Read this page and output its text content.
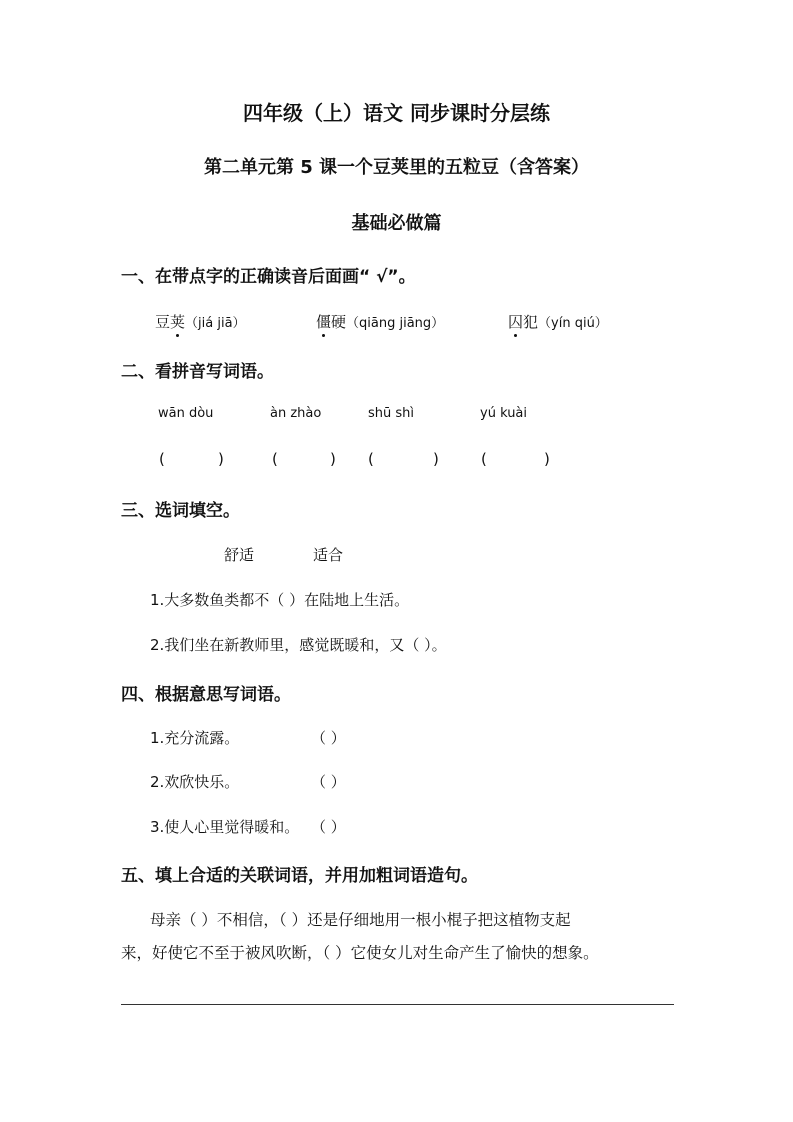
四年级（上）语文 同步课时分层练
第二单元第 5 课一个豆荚里的五粒豆（含答案）
基础必做篇
一、在带点字的正确读音后面画“ √”。
豆荚（jiá jiā）	僵硬（qiāng jiāng）	囚犯（yín qiú）
二、看拼音写词语。
wān dòu	àn zhào	shū shì	yú kuài
(	)	(	) (	)	(	)
三、选词填空。
舒适	适合
1.大多数鱼类都不（ ）在陆地上生活。
2.我们坐在新教师里，感觉既暖和，又（ ）。
四、根据意思写词语。
1.充分流露。	（ ）
2.欢欣快乐。	（ ）
3.使人心里觉得暖和。 （ ）
五、填上合适的关联词语，并用加粗词语造句。
母亲（ ）不相信，（ ）还是仔细地用一根小棍子把这植物支起
来，好使它不至于被风吹断，（ ）它使女儿对生命产生了愉快的想象。
